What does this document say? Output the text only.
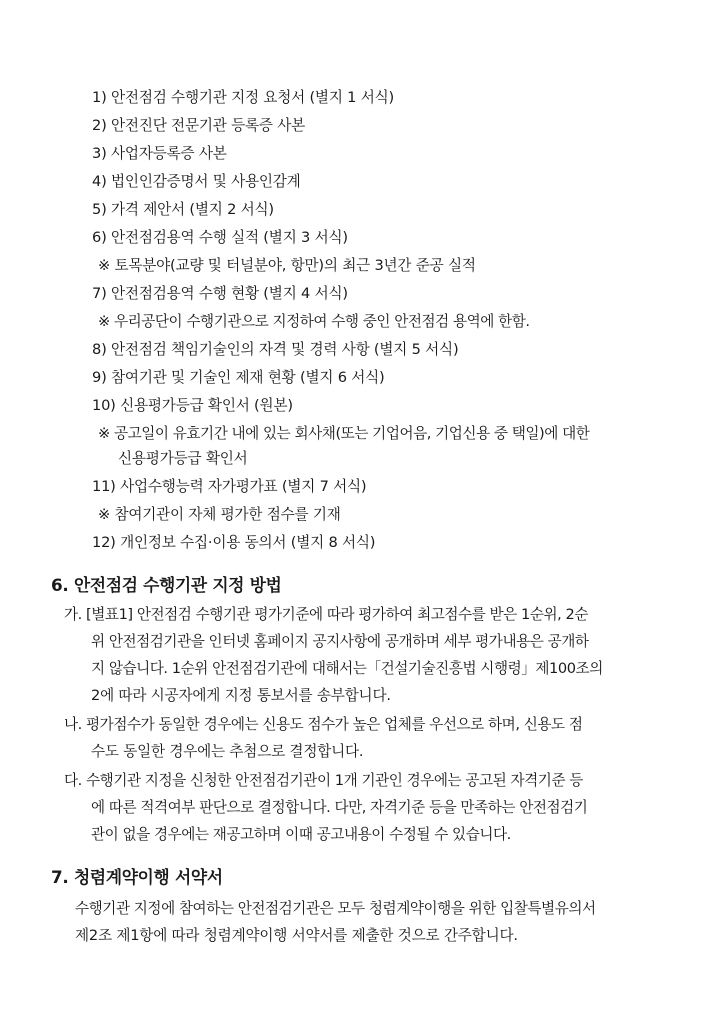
1) 안전점검 수행기관 지정 요청서 (별지 1 서식)
2) 안전진단 전문기관 등록증 사본
3) 사업자등록증 사본
4) 법인인감증명서 및 사용인감계
5) 가격 제안서 (별지 2 서식)
6) 안전점검용역 수행 실적 (별지 3 서식)
※ 토목분야(교량 및 터널분야, 항만)의 최근 3년간 준공 실적
7) 안전점검용역 수행 현황 (별지 4 서식)
※ 우리공단이 수행기관으로 지정하여 수행 중인 안전점검 용역에 한함.
8) 안전점검 책임기술인의 자격 및 경력 사항 (별지 5 서식)
9) 참여기관 및 기술인 제재 현황 (별지 6 서식)
10) 신용평가등급 확인서 (원본)
※ 공고일이 유효기간 내에 있는 회사채(또는 기업어음, 기업신용 중 택일)에 대한
신용평가등급 확인서
11) 사업수행능력 자가평가표 (별지 7 서식)
※ 참여기관이 자체 평가한 점수를 기재
12) 개인정보 수집·이용 동의서 (별지 8 서식)
6. 안전점검 수행기관 지정 방법
가. [별표1] 안전점검 수행기관 평가기준에 따라 평가하여 최고점수를 받은 1순위, 2순
위 안전점검기관을 인터넷 홈페이지 공지사항에 공개하며 세부 평가내용은 공개하
지 않습니다. 1순위 안전점검기관에 대해서는「건설기술진흥법 시행령」제100조의
2에 따라 시공자에게 지정 통보서를 송부합니다.
나. 평가점수가 동일한 경우에는 신용도 점수가 높은 업체를 우선으로 하며, 신용도 점
수도 동일한 경우에는 추첨으로 결정합니다.
다. 수행기관 지정을 신청한 안전점검기관이 1개 기관인 경우에는 공고된 자격기준 등
에 따른 적격여부 판단으로 결정합니다. 다만, 자격기준 등을 만족하는 안전점검기
관이 없을 경우에는 재공고하며 이때 공고내용이 수정될 수 있습니다.
7. 청렴계약이행 서약서
수행기관 지정에 참여하는 안전점검기관은 모두 청렴계약이행을 위한 입찰특별유의서
제2조 제1항에 따라 청렴계약이행 서약서를 제출한 것으로 간주합니다.
